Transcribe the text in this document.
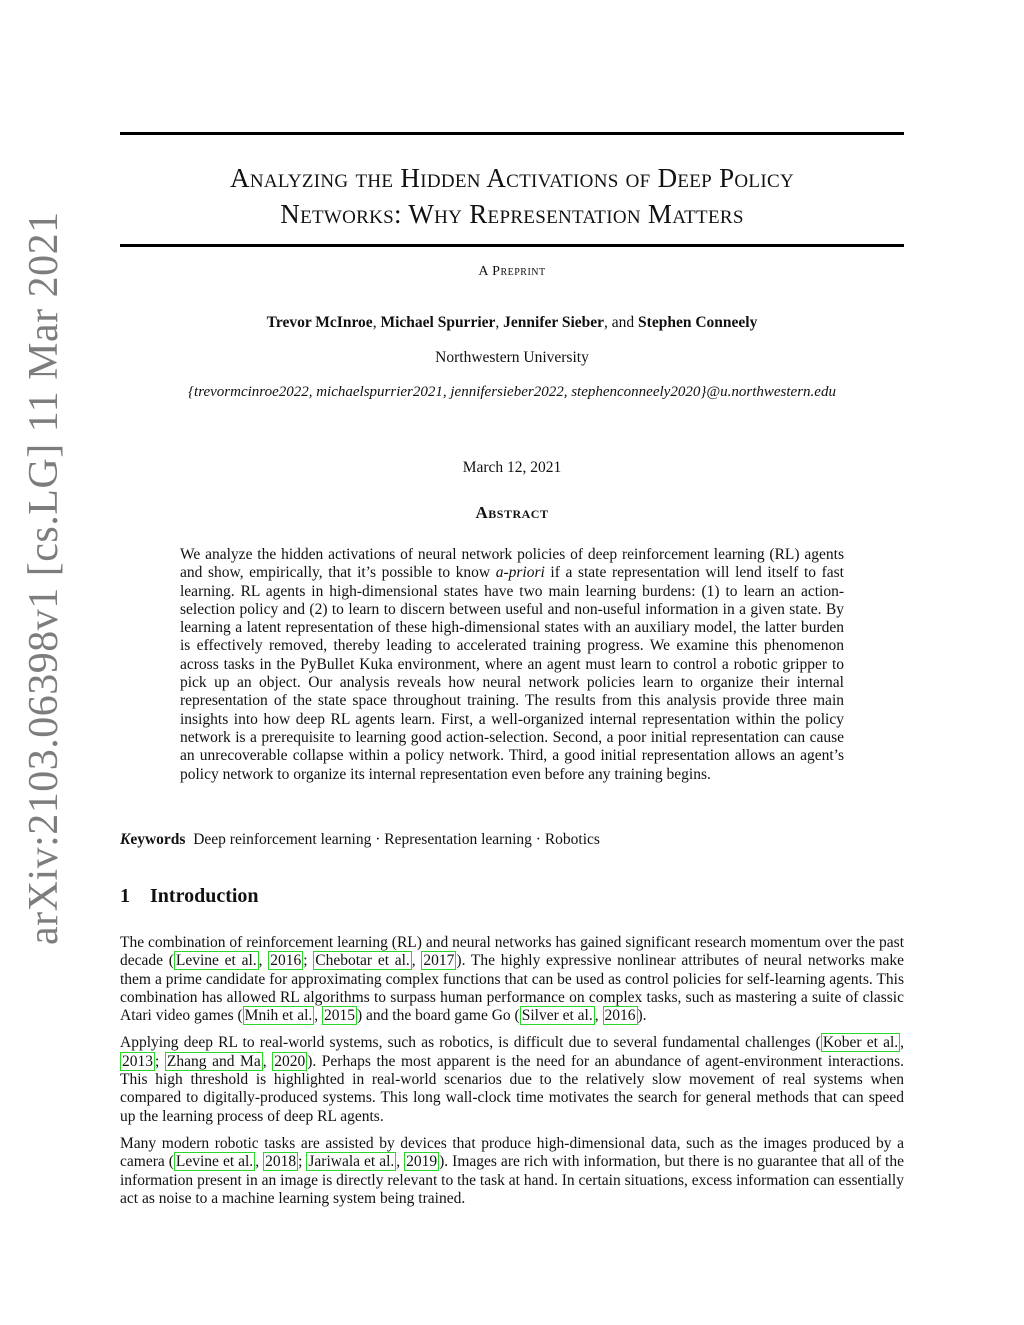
arXiv:2103.06398v1 [cs.LG] 11 Mar 2021
Analyzing the Hidden Activations of Deep Policy
Networks: Why Representation Matters
A Preprint
Trevor McInroe, Michael Spurrier, Jennifer Sieber, and Stephen Conneely
Northwestern University
{trevormcinroe2022, michaelspurrier2021, jennifersieber2022, stephenconneely2020}@u.northwestern.edu
March 12, 2021
Abstract
We analyze the hidden activations of neural network policies of deep reinforcement learning (RL) agents and show, empirically, that it’s possible to know a-priori if a state representation will lend itself to fast learning. RL agents in high-dimensional states have two main learning burdens: (1) to learn an action-selection policy and (2) to learn to discern between useful and non-useful information in a given state. By learning a latent representation of these high-dimensional states with an auxiliary model, the latter burden is effectively removed, thereby leading to accelerated training progress. We examine this phenomenon across tasks in the PyBullet Kuka environment, where an agent must learn to control a robotic gripper to pick up an object. Our analysis reveals how neural network policies learn to organize their internal representation of the state space throughout training. The results from this analysis provide three main insights into how deep RL agents learn. First, a well-organized internal representation within the policy network is a prerequisite to learning good action-selection. Second, a poor initial representation can cause an unrecoverable collapse within a policy network. Third, a good initial representation allows an agent’s policy network to organize its internal representation even before any training begins.
Keywords Deep reinforcement learning · Representation learning · Robotics
1 Introduction

The combination of reinforcement learning (RL) and neural networks has gained significant research momentum over the past decade ( Levine et al. , 2016 ; Chebotar et al. , 2017 ). The highly expressive nonlinear attributes of neural networks make them a prime candidate for approximating complex functions that can be used as control policies for self-learning agents. This combination has allowed RL algorithms to surpass human performance on complex tasks, such as mastering a suite of classic Atari video games ( Mnih et al. , 2015 ) and the board game Go ( Silver et al. , 2016 ).

Applying deep RL to real-world systems, such as robotics, is difficult due to several fundamental challenges ( Kober et al. , 2013 ; Zhang and Ma , 2020 ). Perhaps the most apparent is the need for an abundance of agent-environment interactions. This high threshold is highlighted in real-world scenarios due to the relatively slow movement of real systems when compared to digitally-produced systems. This long wall-clock time motivates the search for general methods that can speed up the learning process of deep RL agents.

Many modern robotic tasks are assisted by devices that produce high-dimensional data, such as the images produced by a camera ( Levine et al. , 2018 ; Jariwala et al. , 2019 ). Images are rich with information, but there is no guarantee that all of the information present in an image is directly relevant to the task at hand. In certain situations, excess information can essentially act as noise to a machine learning system being trained.
